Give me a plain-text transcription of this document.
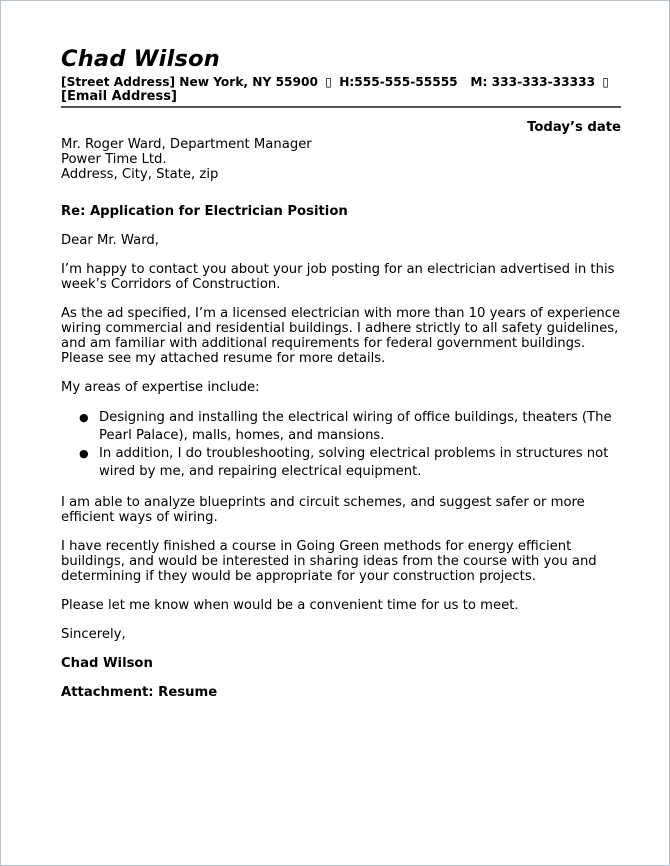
Chad Wilson
[Street Address] New York, NY 55900 ▯ H:555-555-55555 M: 333-333-33333 ▯ [Email Address]
Today’s date
Mr. Roger Ward, Department Manager
Power Time Ltd.
Address, City, State, zip
Re: Application for Electrician Position
Dear Mr. Ward,
I’m happy to contact you about your job posting for an electrician advertised in this week’s Corridors of Construction.
As the ad specified, I’m a licensed electrician with more than 10 years of experience wiring commercial and residential buildings. I adhere strictly to all safety guidelines, and am familiar with additional requirements for federal government buildings. Please see my attached resume for more details.
My areas of expertise include:
● Designing and installing the electrical wiring of office buildings, theaters (The Pearl Palace), malls, homes, and mansions.
● In addition, I do troubleshooting, solving electrical problems in structures not wired by me, and repairing electrical equipment.
I am able to analyze blueprints and circuit schemes, and suggest safer or more efficient ways of wiring.
I have recently finished a course in Going Green methods for energy efficient buildings, and would be interested in sharing ideas from the course with you and determining if they would be appropriate for your construction projects.
Please let me know when would be a convenient time for us to meet.
Sincerely,
Chad Wilson
Attachment: Resume
